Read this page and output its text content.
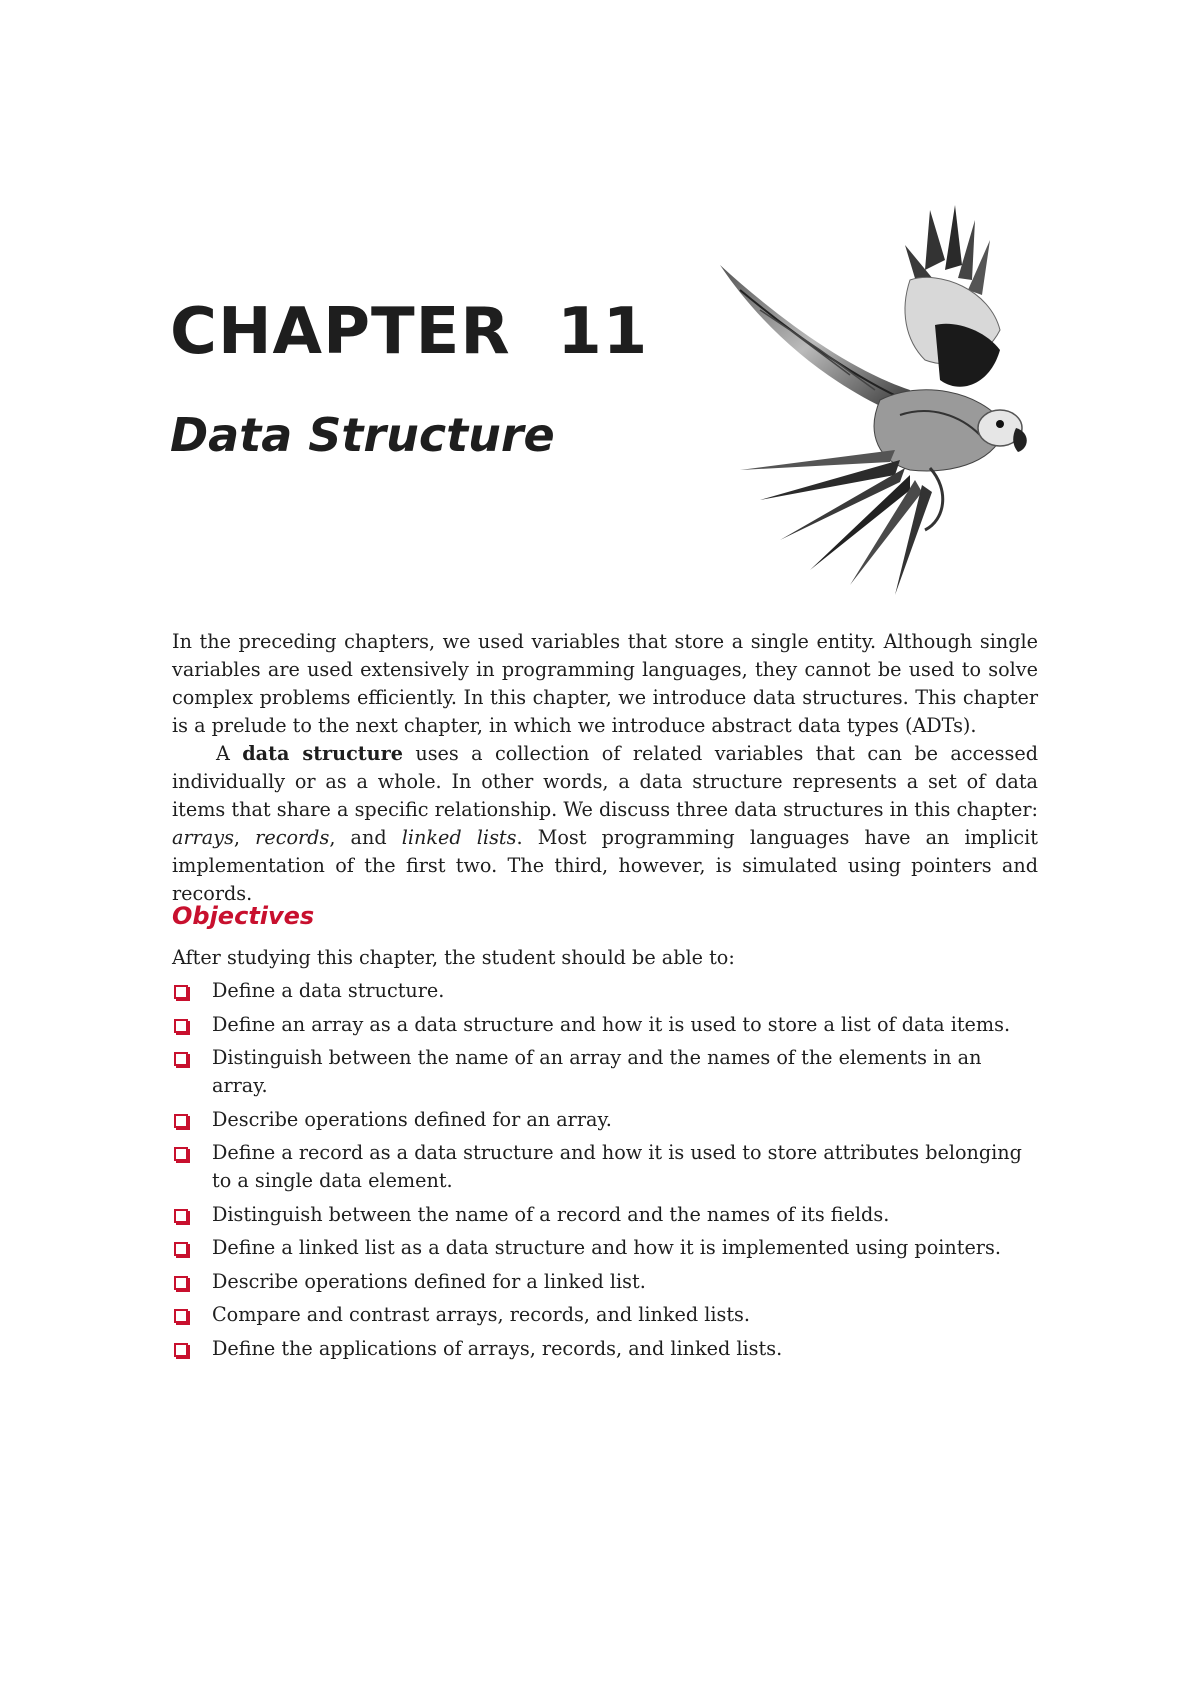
CHAPTER  11
Data Structure

In the preceding chapters, we used variables that store a single entity. Although single variables are used extensively in programming languages, they cannot be used to solve complex problems efficiently. In this chapter, we introduce data structures. This chapter is a prelude to the next chapter, in which we introduce abstract data types (ADTs).

A data structure uses a collection of related variables that can be accessed individually or as a whole. In other words, a data structure represents a set of data items that share a specific relationship. We discuss three data structures in this chapter: arrays, records, and linked lists. Most programming languages have an implicit implementation of the first two. The third, however, is simulated using pointers and records.

Objectives

After studying this chapter, the student should be able to:

Define a data structure.
Define an array as a data structure and how it is used to store a list of data items.
Distinguish between the name of an array and the names of the elements in an array.
Describe operations defined for an array.
Define a record as a data structure and how it is used to store attributes belonging to a single data element.
Distinguish between the name of a record and the names of its fields.
Define a linked list as a data structure and how it is implemented using pointers.
Describe operations defined for a linked list.
Compare and contrast arrays, records, and linked lists.
Define the applications of arrays, records, and linked lists.
